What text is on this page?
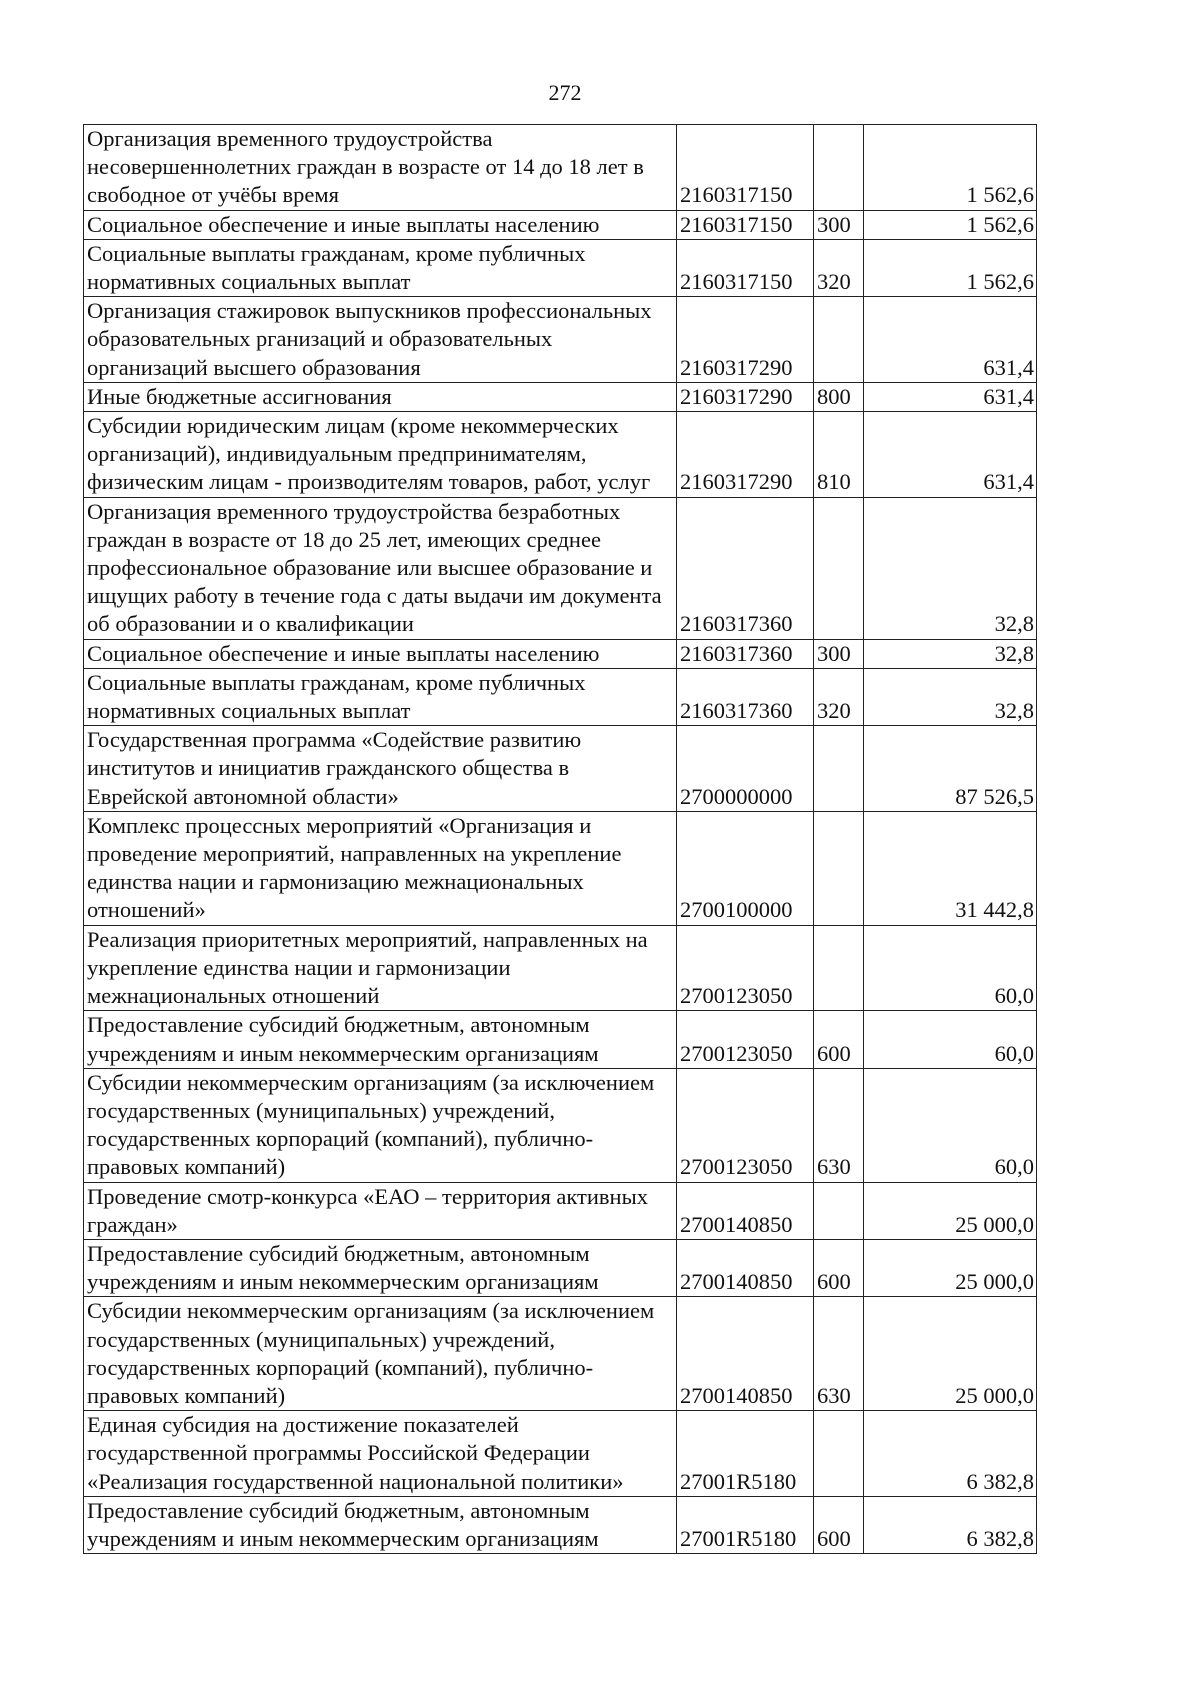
272
Организация временного трудоустройства несовершеннолетних граждан в возрасте от 14 до 18 лет в свободное от учёбы время	2160317150		1 562,6
Социальное обеспечение и иные выплаты населению	2160317150	300	1 562,6
Социальные выплаты гражданам, кроме публичных нормативных социальных выплат	2160317150	320	1 562,6
Организация стажировок выпускников профессиональных образовательных рганизаций и образовательных организаций высшего образования	2160317290		631,4
Иные бюджетные ассигнования	2160317290	800	631,4
Субсидии юридическим лицам (кроме некоммерческих организаций), индивидуальным предпринимателям, физическим лицам - производителям товаров, работ, услуг	2160317290	810	631,4
Организация временного трудоустройства безработных граждан в возрасте от 18 до 25 лет, имеющих среднее профессиональное образование или высшее образование и ищущих работу в течение года с даты выдачи им документа об образовании и о квалификации	2160317360		32,8
Социальное обеспечение и иные выплаты населению	2160317360	300	32,8
Социальные выплаты гражданам, кроме публичных нормативных социальных выплат	2160317360	320	32,8
Государственная программа «Содействие развитию институтов и инициатив гражданского общества в Еврейской автономной области»	2700000000		87 526,5
Комплекс процессных мероприятий «Организация и проведение мероприятий, направленных на укрепление единства нации и гармонизацию межнациональных отношений»	2700100000		31 442,8
Реализация приоритетных мероприятий, направленных на укрепление единства нации и гармонизации межнациональных отношений	2700123050		60,0
Предоставление субсидий бюджетным, автономным учреждениям и иным некоммерческим организациям	2700123050	600	60,0
Субсидии некоммерческим организациям (за исключением государственных (муниципальных) учреждений, государственных корпораций (компаний), публично-правовых компаний)	2700123050	630	60,0
Проведение смотр-конкурса «ЕАО – территория активных граждан»	2700140850		25 000,0
Предоставление субсидий бюджетным, автономным учреждениям и иным некоммерческим организациям	2700140850	600	25 000,0
Субсидии некоммерческим организациям (за исключением государственных (муниципальных) учреждений, государственных корпораций (компаний), публично-правовых компаний)	2700140850	630	25 000,0
Единая субсидия на достижение показателей государственной программы Российской Федерации «Реализация государственной национальной политики»	27001R5180		6 382,8
Предоставление субсидий бюджетным, автономным учреждениям и иным некоммерческим организациям	27001R5180	600	6 382,8
